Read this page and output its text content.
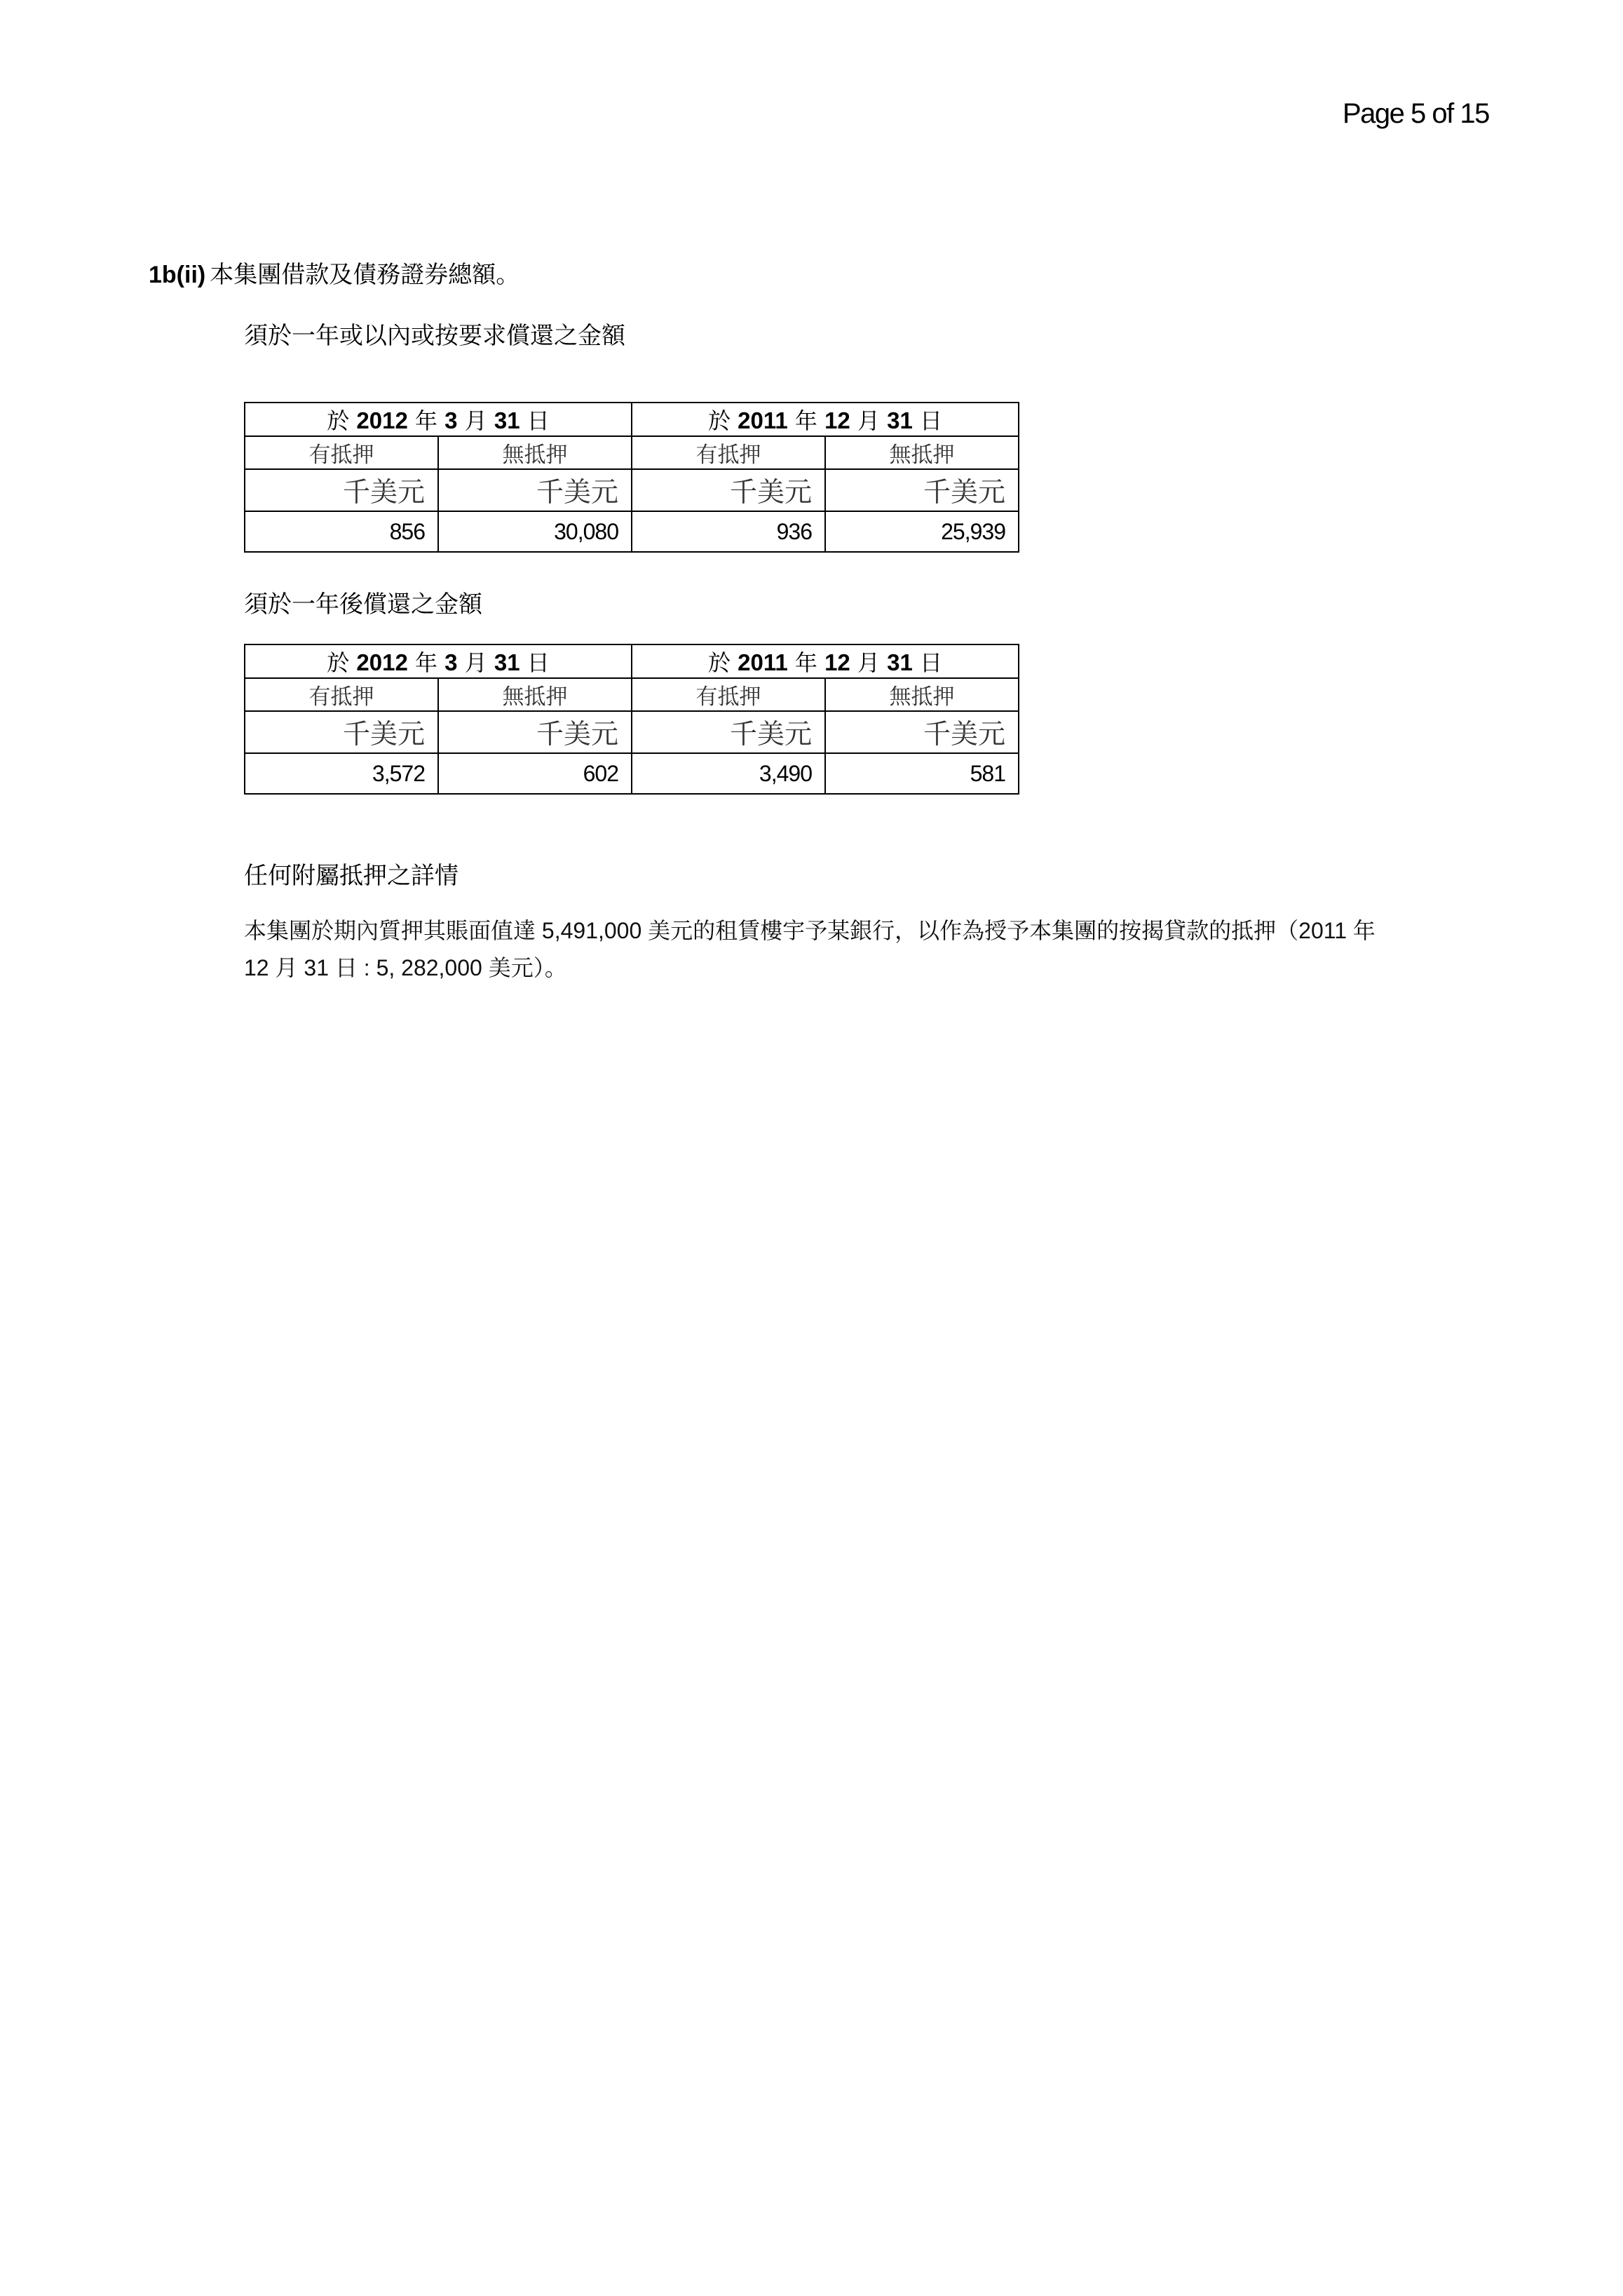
Page 5 of 15
1b(ii) 本集團借款及債務證券總額。
須於一年或以內或按要求償還之金額
於 2012 年 3 月 31 日		於 2011 年 12 月 31 日	
有抵押	無抵押	有抵押	無抵押
千美元	千美元	千美元	千美元
856	30,080	936	25,939
須於一年後償還之金額
於 2012 年 3 月 31 日		於 2011 年 12 月 31 日	
有抵押	無抵押	有抵押	無抵押
千美元	千美元	千美元	千美元
3,572	602	3,490	581
任何附屬抵押之詳情
本集團於期內質押其賬面值達 5,491,000 美元的租賃樓宇予某銀行，以作為授予本集團的按揭貸款的抵押（2011 年
12 月 31 日 : 5, 282,000 美元）。
